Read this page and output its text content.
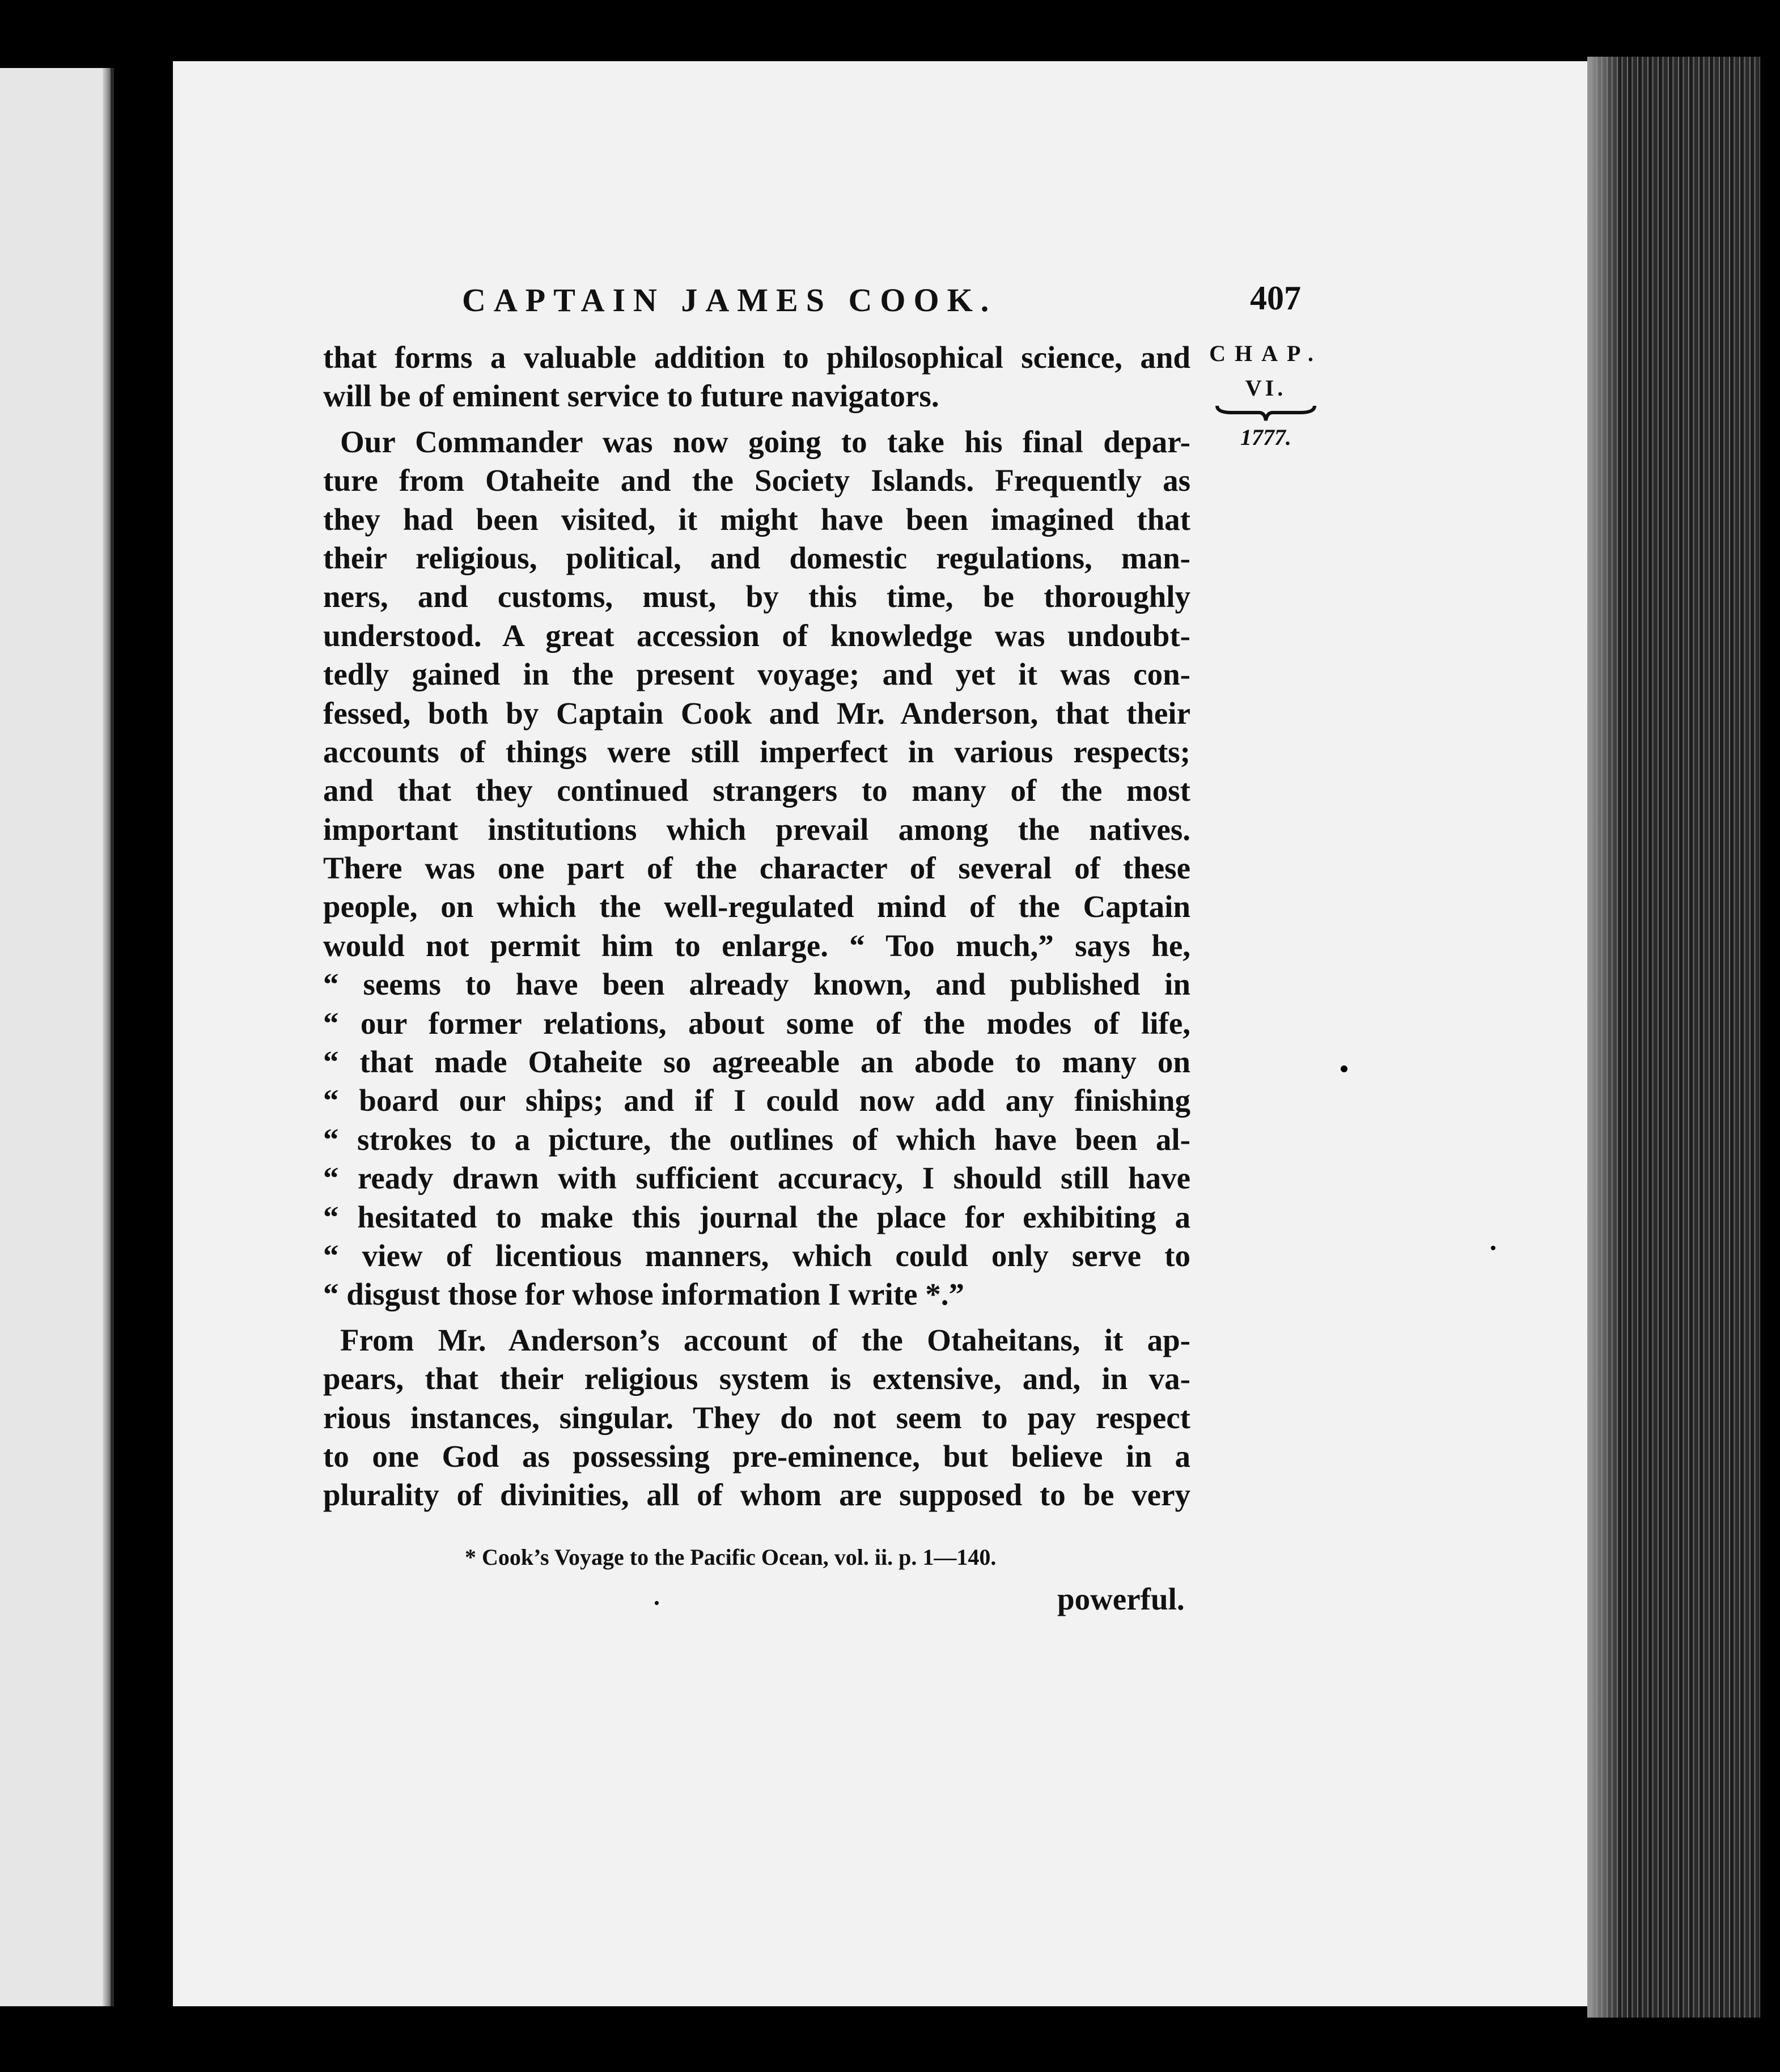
CAPTAIN JAMES COOK.	407
CHAP.
VI.
1777.
that forms a valuable addition to philosophical science, and
will be of eminent service to future navigators.
Our Commander was now going to take his final depar-
ture from Otaheite and the Society Islands. Frequently as
they had been visited, it might have been imagined that
their religious, political, and domestic regulations, man-
ners, and customs, must, by this time, be thoroughly
understood. A great accession of knowledge was undoubt-
tedly gained in the present voyage; and yet it was con-
fessed, both by Captain Cook and Mr. Anderson, that their
accounts of things were still imperfect in various respects;
and that they continued strangers to many of the most
important institutions which prevail among the natives.
There was one part of the character of several of these
people, on which the well-regulated mind of the Captain
would not permit him to enlarge. “ Too much,” says he,
“ seems to have been already known, and published in
“ our former relations, about some of the modes of life,
“ that made Otaheite so agreeable an abode to many on
“ board our ships; and if I could now add any finishing
“ strokes to a picture, the outlines of which have been al-
“ ready drawn with sufficient accuracy, I should still have
“ hesitated to make this journal the place for exhibiting a
“ view of licentious manners, which could only serve to
“ disgust those for whose information I write *.”
From Mr. Anderson’s account of the Otaheitans, it ap-
pears, that their religious system is extensive, and, in va-
rious instances, singular. They do not seem to pay respect
to one God as possessing pre-eminence, but believe in a
plurality of divinities, all of whom are supposed to be very
* Cook’s Voyage to the Pacific Ocean, vol. ii. p. 1—140.
powerful.
